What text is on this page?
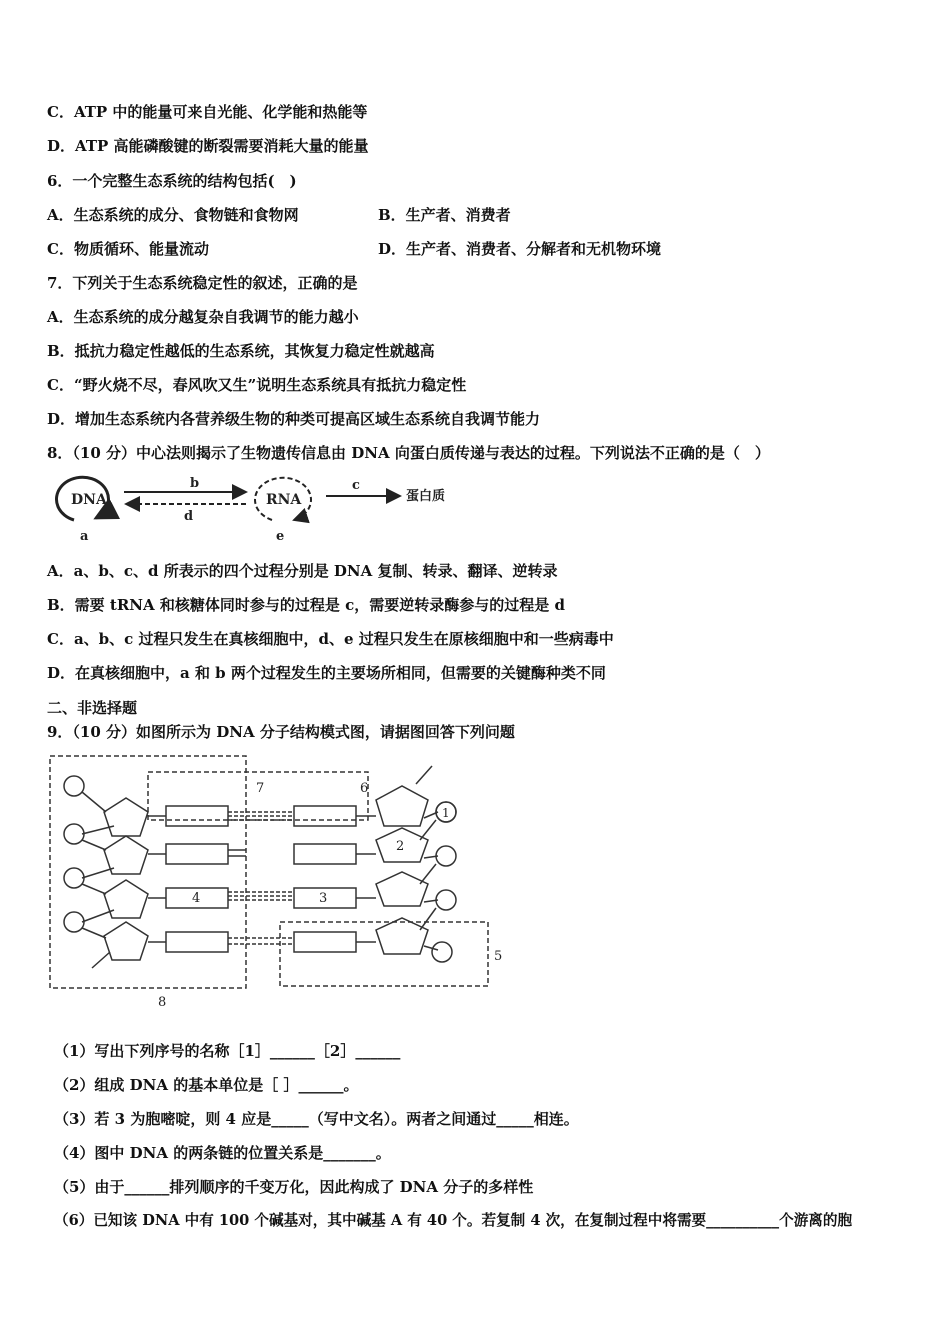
C．ATP 中的能量可来自光能、化学能和热能等
D．ATP 高能磷酸键的断裂需要消耗大量的能量
6．一个完整生态系统的结构包括(　)
A．生态系统的成分、食物链和食物网	B．生产者、消费者
C．物质循环、能量流动	D．生产者、消费者、分解者和无机物环境
7．下列关于生态系统稳定性的叙述，正确的是
A．生态系统的成分越复杂自我调节的能力越小
B．抵抗力稳定性越低的生态系统，其恢复力稳定性就越高
C．“野火烧不尽，春风吹又生”说明生态系统具有抵抗力稳定性
D．增加生态系统内各营养级生物的种类可提高区域生态系统自我调节能力
8．（10 分）中心法则揭示了生物遗传信息由 DNA 向蛋白质传递与表达的过程。下列说法不正确的是（　）
DNA
a
b
d
RNA
e
c
蛋白质
A．a、b、c、d 所表示的四个过程分别是 DNA 复制、转录、翻译、逆转录
B．需要 tRNA 和核糖体同时参与的过程是 c，需要逆转录酶参与的过程是 d
C．a、b、c 过程只发生在真核细胞中，d、e 过程只发生在原核细胞中和一些病毒中
D．在真核细胞中，a 和 b 两个过程发生的主要场所相同，但需要的关键酶种类不同
二、非选择题
9．（10 分）如图所示为 DNA 分子结构模式图，请据图回答下列问题
1
2
3
4
5
6
7
8
（1）写出下列序号的名称［1］______［2］______
（2）组成 DNA 的基本单位是［ ］______。
（3）若 3 为胞嘧啶，则 4 应是_____（写中文名）。两者之间通过_____相连。
（4）图中 DNA 的两条链的位置关系是_______。
（5）由于______排列顺序的千变万化，因此构成了 DNA 分子的多样性
（6）已知该 DNA 中有 100 个碱基对，其中碱基 A 有 40 个。若复制 4 次，在复制过程中将需要__________个游离的胞
